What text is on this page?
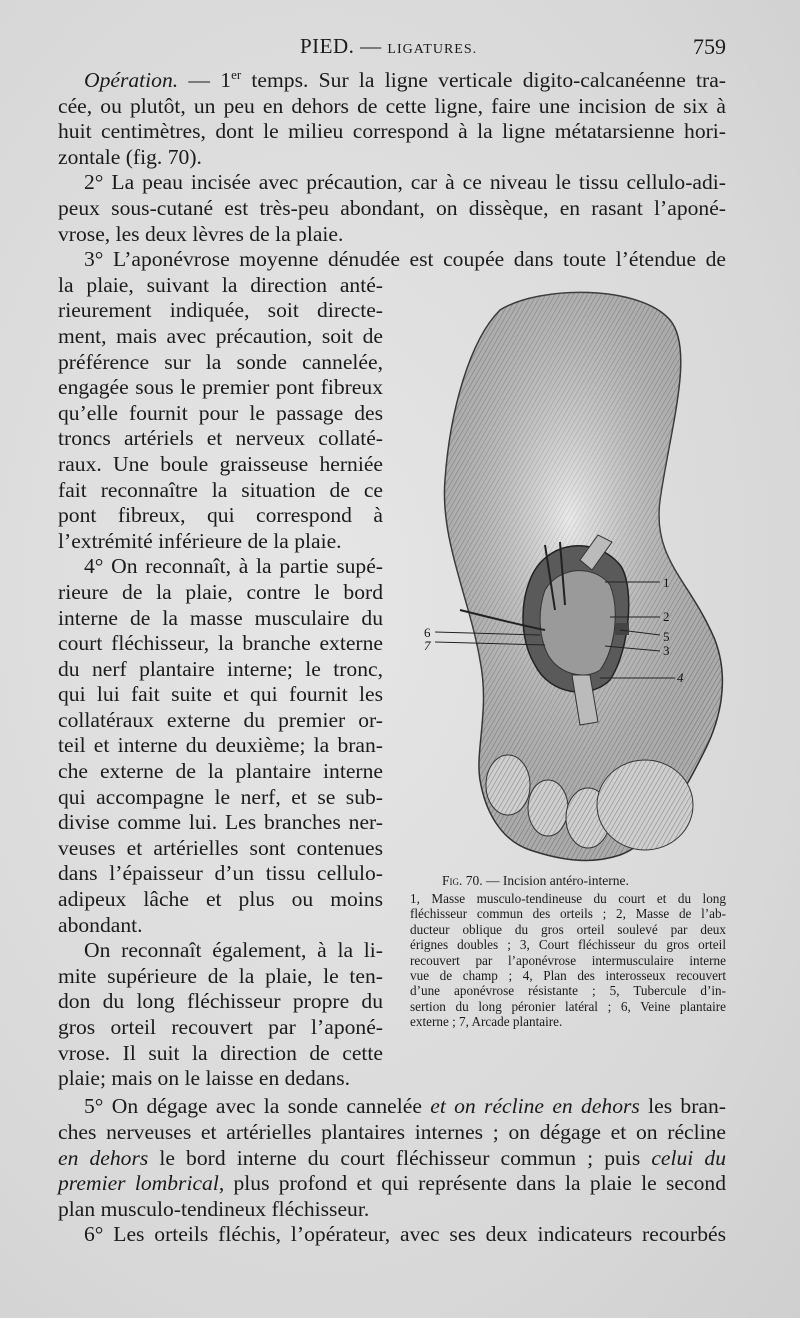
PIED. — LIGATURES.	759
Opération. — 1er temps. Sur la ligne verticale digito-calcanéenne tra-
cée, ou plutôt, un peu en dehors de cette ligne, faire une incision de six à
huit centimètres, dont le milieu correspond à la ligne métatarsienne hori-
zontale (fig. 70).
2° La peau incisée avec précaution, car à ce niveau le tissu cellulo-adi-
peux sous-cutané est très-peu abondant, on dissèque, en rasant l’aponé-
vrose, les deux lèvres de la plaie.
3° L’aponévrose moyenne dénudée est coupée dans toute l’étendue de
la plaie, suivant la direction anté-
rieurement indiquée, soit directe-
ment, mais avec précaution, soit de
préférence sur la sonde cannelée,
engagée sous le premier pont fibreux
qu’elle fournit pour le passage des
troncs artériels et nerveux collaté-
raux. Une boule graisseuse herniée
fait reconnaître la situation de ce
pont fibreux, qui correspond à
l’extrémité inférieure de la plaie.
4° On reconnaît, à la partie supé-
rieure de la plaie, contre le bord
interne de la masse musculaire du
court fléchisseur, la branche externe
du nerf plantaire interne; le tronc,
qui lui fait suite et qui fournit les
collatéraux externe du premier or-
teil et interne du deuxième; la bran-
che externe de la plantaire interne
qui accompagne le nerf, et se sub-
divise comme lui. Les branches ner-
veuses et artérielles sont contenues
dans l’épaisseur d’un tissu cellulo-
adipeux lâche et plus ou moins
abondant.
On reconnaît également, à la li-
mite supérieure de la plaie, le ten-
don du long fléchisseur propre du
gros orteil recouvert par l’aponé-
vrose. Il suit la direction de cette
plaie; mais on le laisse en dedans.
1
2
5
3
4
6
7
Fig. 70. — Incision antéro-interne.
1, Masse musculo-tendineuse du court et du long
fléchisseur commun des orteils ; 2, Masse de l’ab-
ducteur oblique du gros orteil soulevé par deux
érignes doubles ; 3, Court fléchisseur du gros orteil
recouvert par l’aponévrose intermusculaire interne
vue de champ ; 4, Plan des interosseux recouvert
d’une aponévrose résistante ; 5, Tubercule d’in-
sertion du long péronier latéral ; 6, Veine plantaire
externe ; 7, Arcade plantaire.
5° On dégage avec la sonde cannelée et on récline en dehors les bran-
ches nerveuses et artérielles plantaires internes ; on dégage et on récline
en dehors le bord interne du court fléchisseur commun ; puis celui du
premier lombrical, plus profond et qui représente dans la plaie le second
plan musculo-tendineux fléchisseur.
6° Les orteils fléchis, l’opérateur, avec ses deux indicateurs recourbés
